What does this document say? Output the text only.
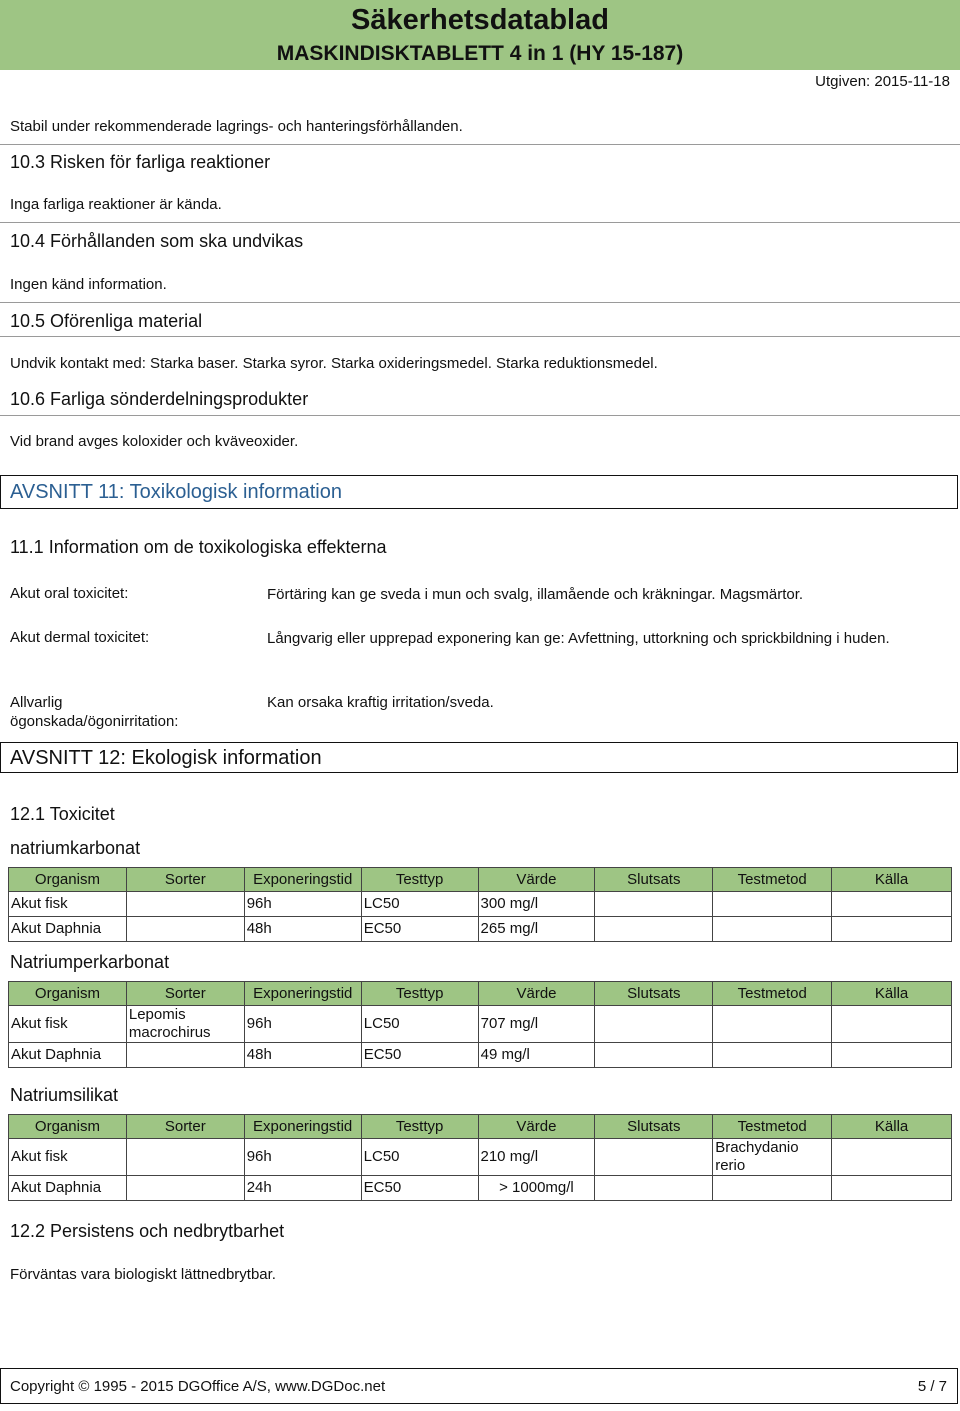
Säkerhetsdatablad
MASKINDISKTABLETT 4 in 1 (HY 15-187)
Utgiven: 2015-11-18
Stabil under rekommenderade lagrings- och hanteringsförhållanden.
10.3 Risken för farliga reaktioner
Inga farliga reaktioner är kända.
10.4 Förhållanden som ska undvikas
Ingen känd information.
10.5 Oförenliga material
Undvik kontakt med: Starka baser. Starka syror. Starka oxideringsmedel. Starka reduktionsmedel.
10.6 Farliga sönderdelningsprodukter
Vid brand avges koloxider och kväveoxider.
AVSNITT 11: Toxikologisk information
11.1 Information om de toxikologiska effekterna
Akut oral toxicitet:	Förtäring kan ge sveda i mun och svalg, illamående och kräkningar. Magsmärtor.
Akut dermal toxicitet:	Långvarig eller upprepad exponering kan ge: Avfettning, uttorkning och sprickbildning i huden.
Allvarlig
ögonskada/ögonirritation:
Kan orsaka kraftig irritation/sveda.
AVSNITT 12: Ekologisk information
12.1 Toxicitet
natriumkarbonat
Organism	Sorter	Exponeringstid	Testtyp	Värde	Slutsats	Testmetod	Källa
Akut fisk		96h	LC50	300 mg/l			
Akut Daphnia		48h	EC50	265 mg/l			
Natriumperkarbonat
Organism	Sorter	Exponeringstid	Testtyp	Värde	Slutsats	Testmetod	Källa
Akut fisk	Lepomis macrochirus	96h	LC50	707 mg/l			
Akut Daphnia		48h	EC50	49 mg/l			
Natriumsilikat
Organism	Sorter	Exponeringstid	Testtyp	Värde	Slutsats	Testmetod	Källa
Akut fisk		96h	LC50	210 mg/l		Brachydanio rerio	
Akut Daphnia		24h	EC50	> 1000mg/l			
12.2 Persistens och nedbrytbarhet
Förväntas vara biologiskt lättnedbrytbar.
Copyright © 1995 - 2015 DGOffice A/S, www.DGDoc.net	5 / 7
